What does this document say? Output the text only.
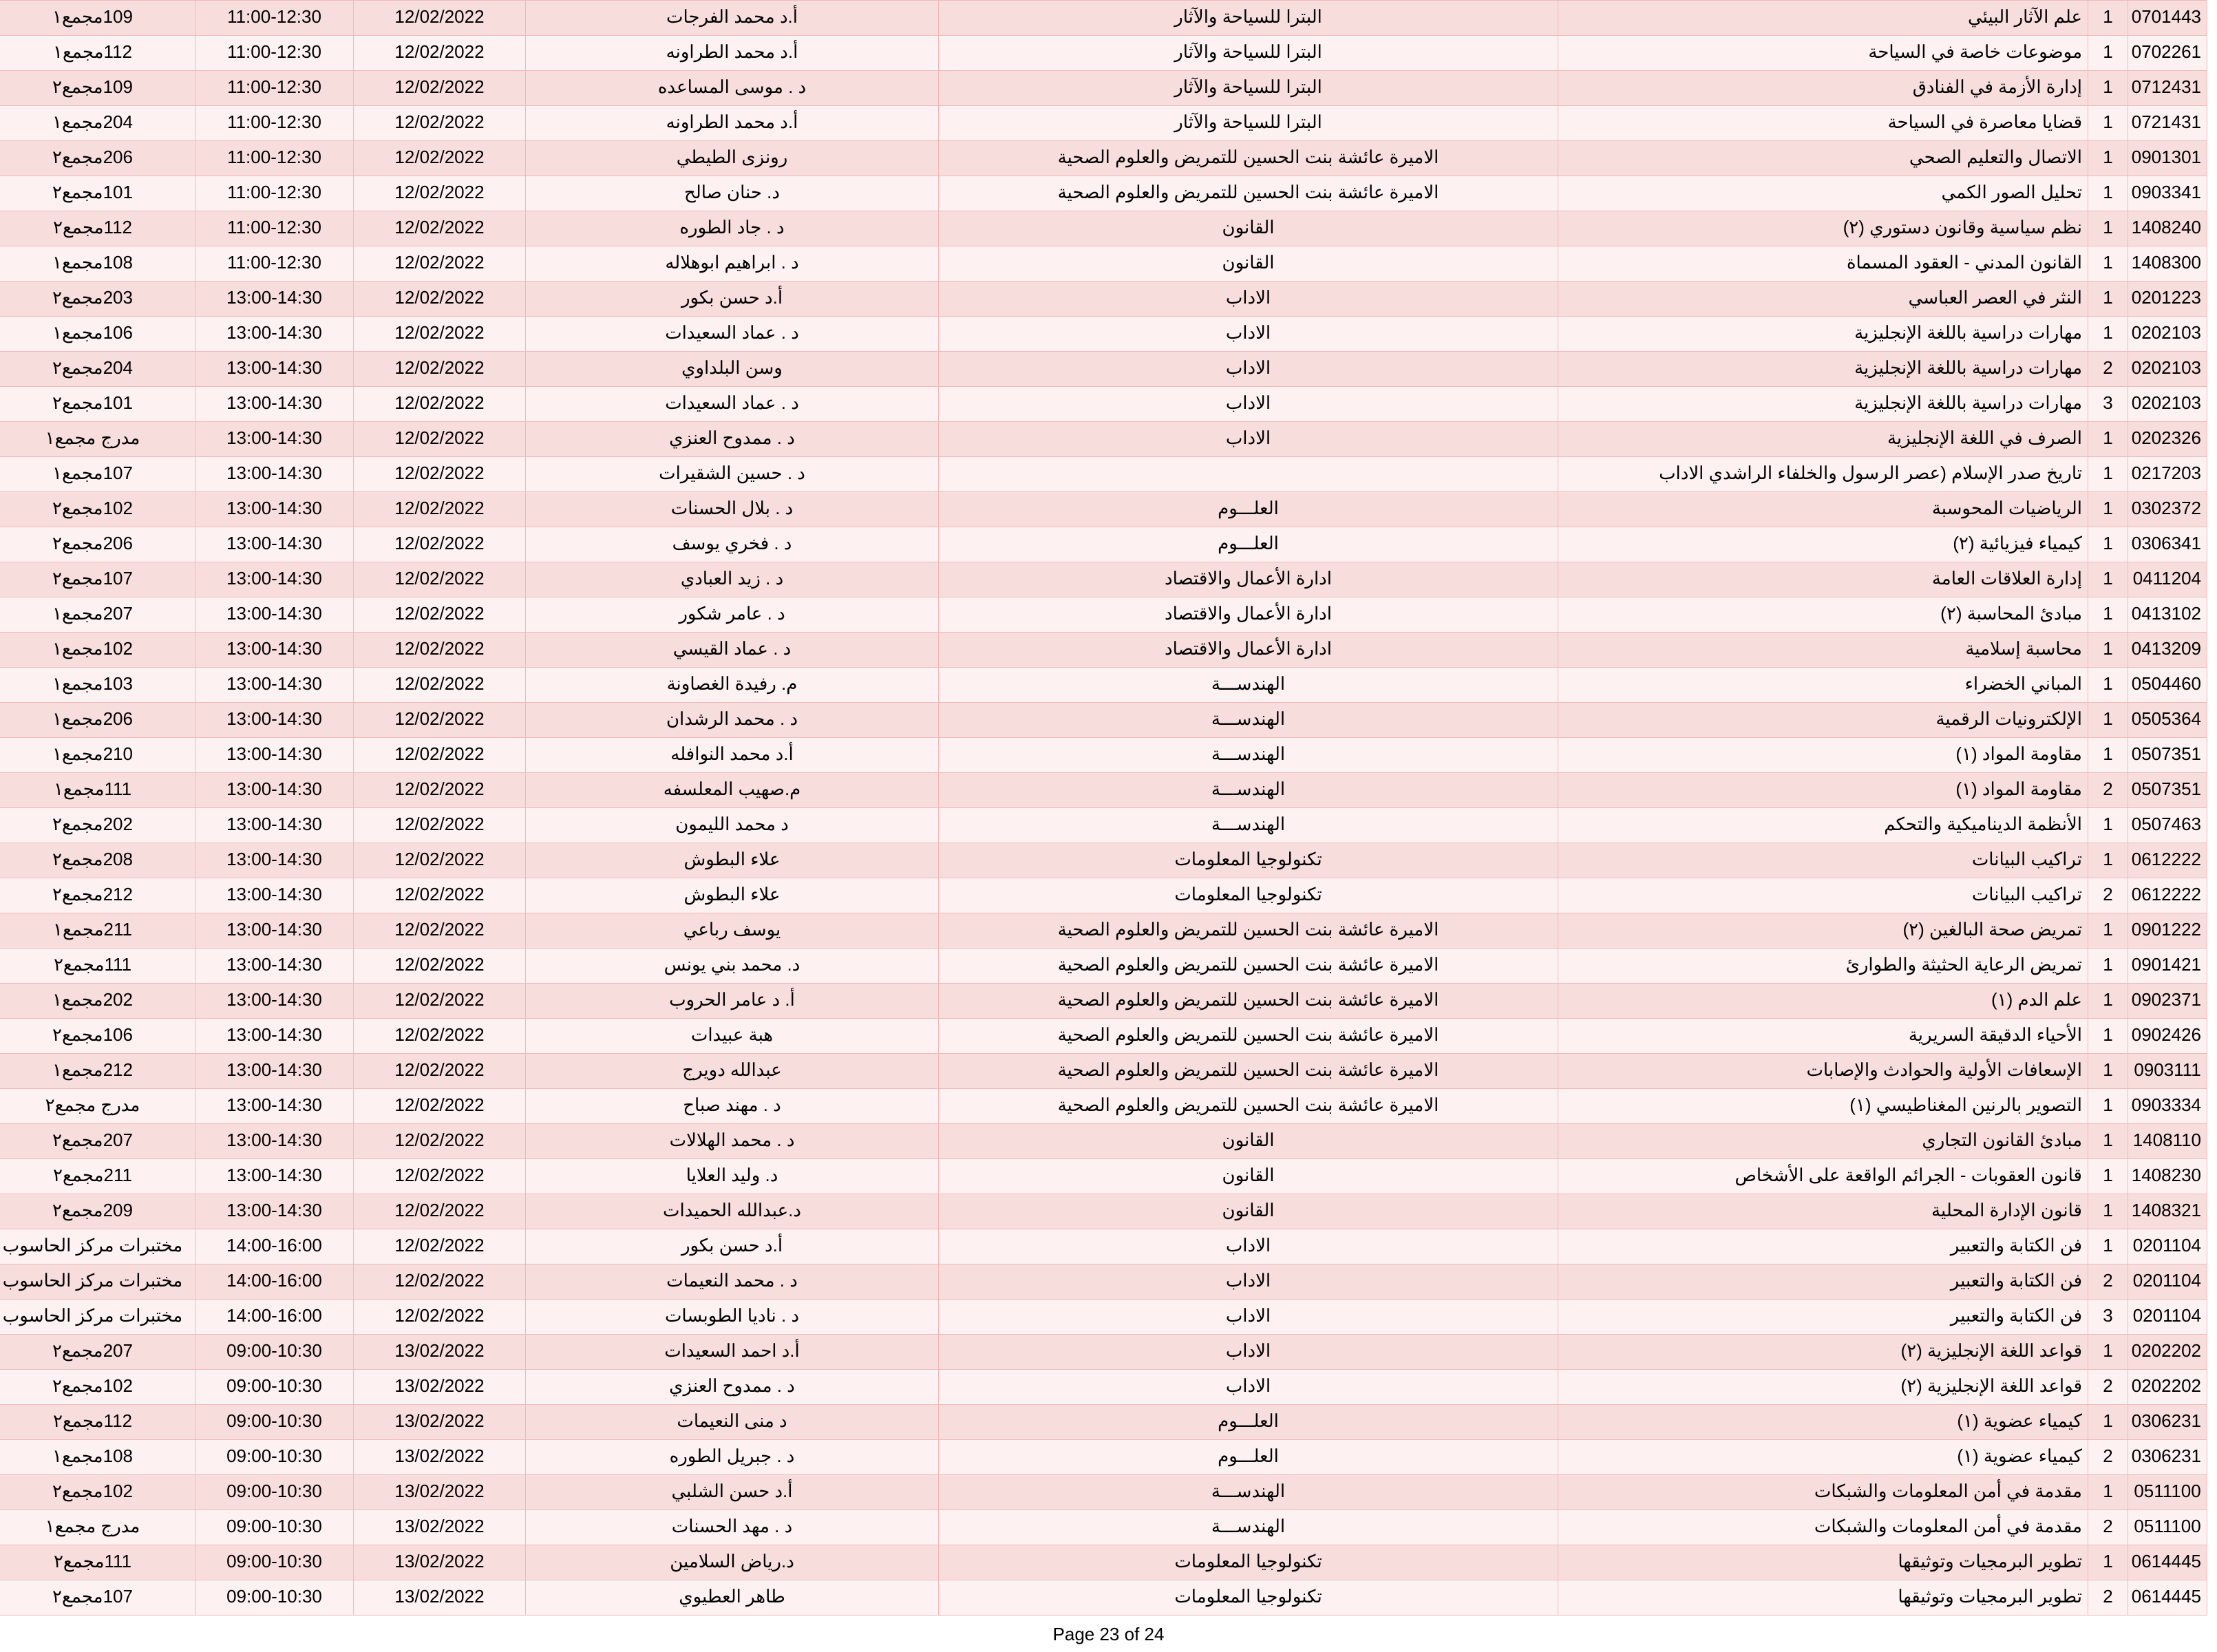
0701443	1	علم الآثار البيئي	البترا للسياحة والآثار	أ.د محمد الفرجات	12/02/2022	11:00-12:30	109مجمع١
0702261	1	موضوعات خاصة في السياحة	البترا للسياحة والآثار	أ.د محمد الطراونه	12/02/2022	11:00-12:30	112مجمع١
0712431	1	إدارة الأزمة في الفنادق	البترا للسياحة والآثار	د . موسى المساعده	12/02/2022	11:00-12:30	109مجمع٢
0721431	1	قضايا معاصرة في السياحة	البترا للسياحة والآثار	أ.د محمد الطراونه	12/02/2022	11:00-12:30	204مجمع١
0901301	1	الاتصال والتعليم الصحي	الاميرة عائشة بنت الحسين للتمريض والعلوم الصحية	رونزى الطيطي	12/02/2022	11:00-12:30	206مجمع٢
0903341	1	تحليل الصور الكمي	الاميرة عائشة بنت الحسين للتمريض والعلوم الصحية	د. حنان صالح	12/02/2022	11:00-12:30	101مجمع٢
1408240	1	نظم سياسية وقانون دستوري (٢)	القانون	د . جاد الطوره	12/02/2022	11:00-12:30	112مجمع٢
1408300	1	القانون المدني - العقود المسماة	القانون	د . ابراهيم ابوهلاله	12/02/2022	11:00-12:30	108مجمع١
0201223	1	النثر في العصر العباسي	الاداب	أ.د حسن بكور	12/02/2022	13:00-14:30	203مجمع٢
0202103	1	مهارات دراسية باللغة الإنجليزية	الاداب	د . عماد السعيدات	12/02/2022	13:00-14:30	106مجمع١
0202103	2	مهارات دراسية باللغة الإنجليزية	الاداب	وسن البلداوي	12/02/2022	13:00-14:30	204مجمع٢
0202103	3	مهارات دراسية باللغة الإنجليزية	الاداب	د . عماد السعيدات	12/02/2022	13:00-14:30	101مجمع٢
0202326	1	الصرف في اللغة الإنجليزية	الاداب	د . ممدوح العنزي	12/02/2022	13:00-14:30	مدرج مجمع١
0217203	1	تاريخ صدر الإسلام (عصر الرسول والخلفاء الراشدي الاداب		د . حسين الشقيرات	12/02/2022	13:00-14:30	107مجمع١
0302372	1	الرياضيات المحوسبة	العلـــوم	د . بلال الحسنات	12/02/2022	13:00-14:30	102مجمع٢
0306341	1	كيمياء فيزيائية (٢)	العلـــوم	د . فخري يوسف	12/02/2022	13:00-14:30	206مجمع٢
0411204	1	إدارة العلاقات العامة	ادارة الأعمال والاقتصاد	د . زيد العبادي	12/02/2022	13:00-14:30	107مجمع٢
0413102	1	مبادئ المحاسبة (٢)	ادارة الأعمال والاقتصاد	د . عامر شكور	12/02/2022	13:00-14:30	207مجمع١
0413209	1	محاسبة إسلامية	ادارة الأعمال والاقتصاد	د . عماد القيسي	12/02/2022	13:00-14:30	102مجمع١
0504460	1	المباني الخضراء	الهندســـة	م. رفيدة الغصاونة	12/02/2022	13:00-14:30	103مجمع١
0505364	1	الإلكترونيات الرقمية	الهندســـة	د . محمد الرشدان	12/02/2022	13:00-14:30	206مجمع١
0507351	1	مقاومة المواد (١)	الهندســـة	أ.د محمد النوافله	12/02/2022	13:00-14:30	210مجمع١
0507351	2	مقاومة المواد (١)	الهندســـة	م.صهيب المعلسفه	12/02/2022	13:00-14:30	111مجمع١
0507463	1	الأنظمة الديناميكية والتحكم	الهندســـة	د محمد الليمون	12/02/2022	13:00-14:30	202مجمع٢
0612222	1	تراكيب البيانات	تكنولوجيا المعلومات	علاء البطوش	12/02/2022	13:00-14:30	208مجمع٢
0612222	2	تراكيب البيانات	تكنولوجيا المعلومات	علاء البطوش	12/02/2022	13:00-14:30	212مجمع٢
0901222	1	تمريض صحة البالغين (٢)	الاميرة عائشة بنت الحسين للتمريض والعلوم الصحية	يوسف رباعي	12/02/2022	13:00-14:30	211مجمع١
0901421	1	تمريض الرعاية الحثيثة والطوارئ	الاميرة عائشة بنت الحسين للتمريض والعلوم الصحية	د. محمد بني يونس	12/02/2022	13:00-14:30	111مجمع٢
0902371	1	علم الدم (١)	الاميرة عائشة بنت الحسين للتمريض والعلوم الصحية	أ. د عامر الحروب	12/02/2022	13:00-14:30	202مجمع١
0902426	1	الأحياء الدقيقة السريرية	الاميرة عائشة بنت الحسين للتمريض والعلوم الصحية	هبة عبيدات	12/02/2022	13:00-14:30	106مجمع٢
0903111	1	الإسعافات الأولية والحوادث والإصابات	الاميرة عائشة بنت الحسين للتمريض والعلوم الصحية	عبدالله دويرج	12/02/2022	13:00-14:30	212مجمع١
0903334	1	التصوير بالرنين المغناطيسي (١)	الاميرة عائشة بنت الحسين للتمريض والعلوم الصحية	د . مهند صباح	12/02/2022	13:00-14:30	مدرج مجمع٢
1408110	1	مبادئ القانون التجاري	القانون	د . محمد الهلالات	12/02/2022	13:00-14:30	207مجمع٢
1408230	1	قانون العقوبات - الجرائم الواقعة على الأشخاص	القانون	د. وليد العلايا	12/02/2022	13:00-14:30	211مجمع٢
1408321	1	قانون الإدارة المحلية	القانون	د.عبدالله الحميدات	12/02/2022	13:00-14:30	209مجمع٢
0201104	1	فن الكتابة والتعبير	الاداب	أ.د حسن بكور	12/02/2022	14:00-16:00	مختبرات مركز الحاسوب
0201104	2	فن الكتابة والتعبير	الاداب	د . محمد النعيمات	12/02/2022	14:00-16:00	مختبرات مركز الحاسوب
0201104	3	فن الكتابة والتعبير	الاداب	د . ناديا الطوبسات	12/02/2022	14:00-16:00	مختبرات مركز الحاسوب
0202202	1	قواعد اللغة الإنجليزية (٢)	الاداب	أ.د احمد السعيدات	13/02/2022	09:00-10:30	207مجمع٢
0202202	2	قواعد اللغة الإنجليزية (٢)	الاداب	د . ممدوح العنزي	13/02/2022	09:00-10:30	102مجمع٢
0306231	1	كيمياء عضوية (١)	العلـــوم	د منى النعيمات	13/02/2022	09:00-10:30	112مجمع٢
0306231	2	كيمياء عضوية (١)	العلـــوم	د . جبريل الطوره	13/02/2022	09:00-10:30	108مجمع١
0511100	1	مقدمة في أمن المعلومات والشبكات	الهندســـة	أ.د حسن الشلبي	13/02/2022	09:00-10:30	102مجمع٢
0511100	2	مقدمة في أمن المعلومات والشبكات	الهندســـة	د . مهد الحسنات	13/02/2022	09:00-10:30	مدرج مجمع١
0614445	1	تطوير البرمجيات وتوثيقها	تكنولوجيا المعلومات	د.رياض السلامين	13/02/2022	09:00-10:30	111مجمع٢
0614445	2	تطوير البرمجيات وتوثيقها	تكنولوجيا المعلومات	طاهر العطيوي	13/02/2022	09:00-10:30	107مجمع٢
Page 23 of 24
